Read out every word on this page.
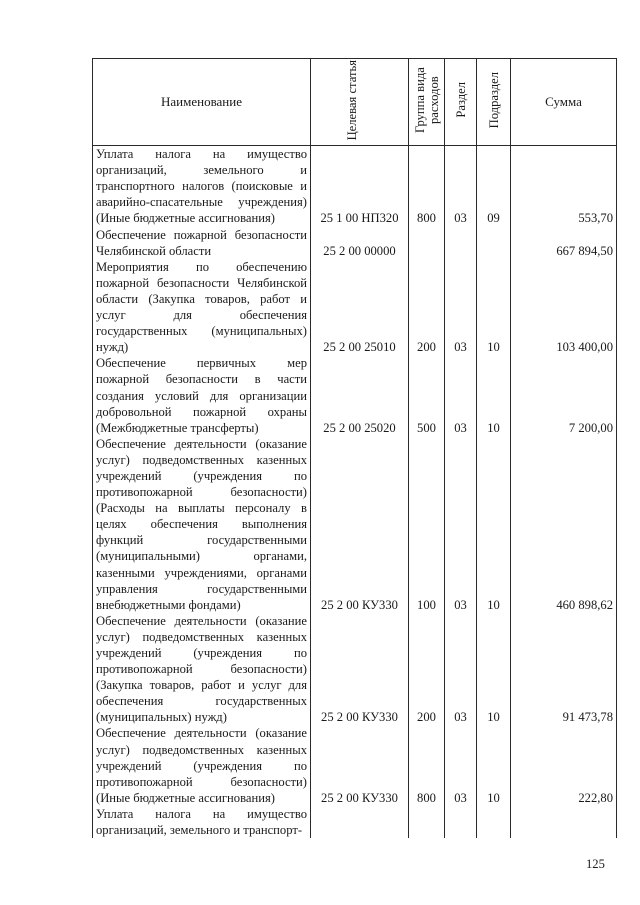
Наименование	Целевая статья	Группа вида расходов	Раздел	Подраздел	Сумма
Уплата налога на имущество организаций, земельного и транспортного налогов (поисковые и аварийно-спасательные учреждения) (Иные бюджетные ассигнования)	25 1 00 НП320	800	03	09	553,70
Обеспечение пожарной безопасности Челябинской области	25 2 00 00000				667 894,50
Мероприятия по обеспечению пожарной безопасности Челябинской области (Закупка товаров, работ и услуг для обеспечения государственных (муниципальных) нужд)	25 2 00 25010	200	03	10	103 400,00
Обеспечение первичных мер пожарной безопасности в части создания условий для организации добровольной пожарной охраны (Межбюджетные трансферты)	25 2 00 25020	500	03	10	7 200,00
Обеспечение деятельности (оказание услуг) подведомственных казенных учреждений (учреждения по противопожарной безопасности) (Расходы на выплаты персоналу в целях обеспечения выполнения функций государственными (муниципальными) органами, казенными учреждениями, органами управления государственными внебюджетными фондами)	25 2 00 КУ330	100	03	10	460 898,62
Обеспечение деятельности (оказание услуг) подведомственных казенных учреждений (учреждения по противопожарной безопасности) (Закупка товаров, работ и услуг для обеспечения государственных (муниципальных) нужд)	25 2 00 КУ330	200	03	10	91 473,78
Обеспечение деятельности (оказание услуг) подведомственных казенных учреждений (учреждения по противопожарной безопасности) (Иные бюджетные ассигнования)	25 2 00 КУ330	800	03	10	222,80
Уплата налога на имущество организаций, земельного и транспорт-					
125
